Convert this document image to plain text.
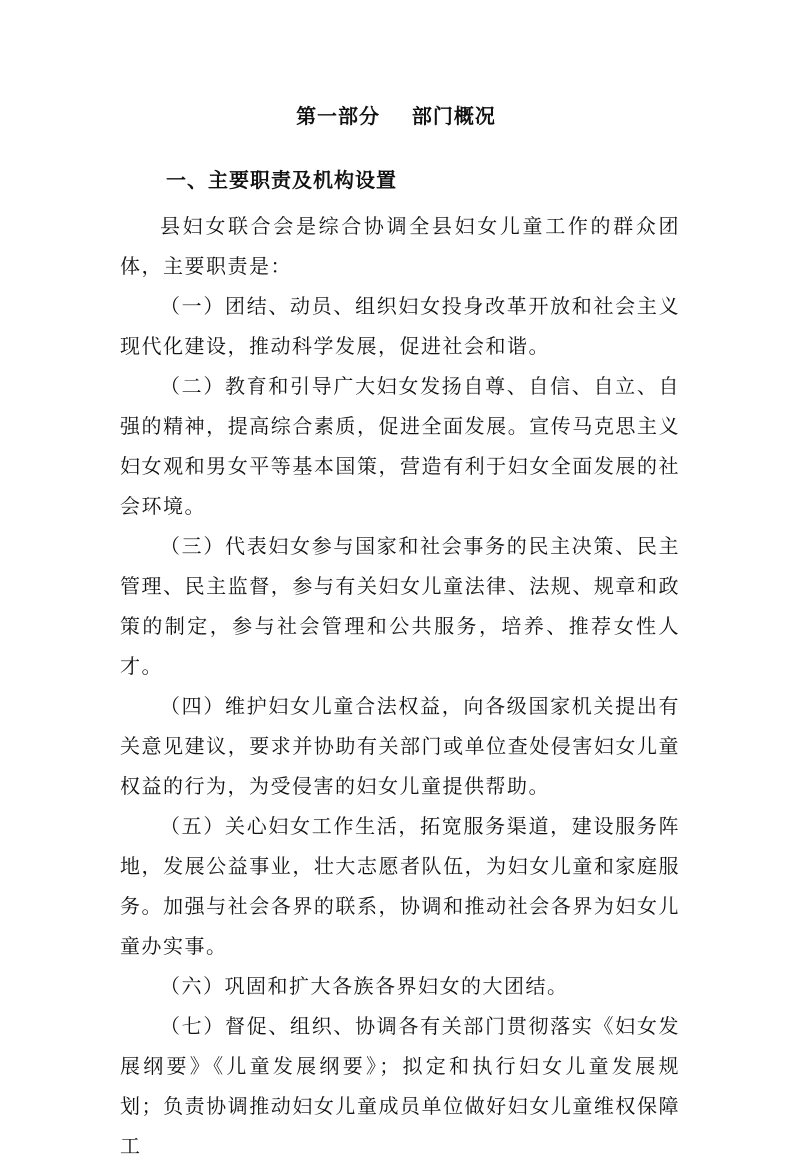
第一部分    部门概况
一、主要职责及机构设置

县妇女联合会是综合协调全县妇女儿童工作的群众团体，主要职责是：

（一）团结、动员、组织妇女投身改革开放和社会主义现代化建设，推动科学发展，促进社会和谐。

（二）教育和引导广大妇女发扬自尊、自信、自立、自强的精神，提高综合素质，促进全面发展。宣传马克思主义妇女观和男女平等基本国策，营造有利于妇女全面发展的社会环境。

（三）代表妇女参与国家和社会事务的民主决策、民主管理、民主监督，参与有关妇女儿童法律、法规、规章和政策的制定，参与社会管理和公共服务，培养、推荐女性人才。

（四）维护妇女儿童合法权益，向各级国家机关提出有关意见建议，要求并协助有关部门或单位查处侵害妇女儿童权益的行为，为受侵害的妇女儿童提供帮助。

（五）关心妇女工作生活，拓宽服务渠道，建设服务阵地，发展公益事业，壮大志愿者队伍，为妇女儿童和家庭服务。加强与社会各界的联系，协调和推动社会各界为妇女儿童办实事。

（六）巩固和扩大各族各界妇女的大团结。

（七）督促、组织、协调各有关部门贯彻落实《妇女发展纲要》《儿童发展纲要》；拟定和执行妇女儿童发展规划；负责协调推动妇女儿童成员单位做好妇女儿童维权保障工
